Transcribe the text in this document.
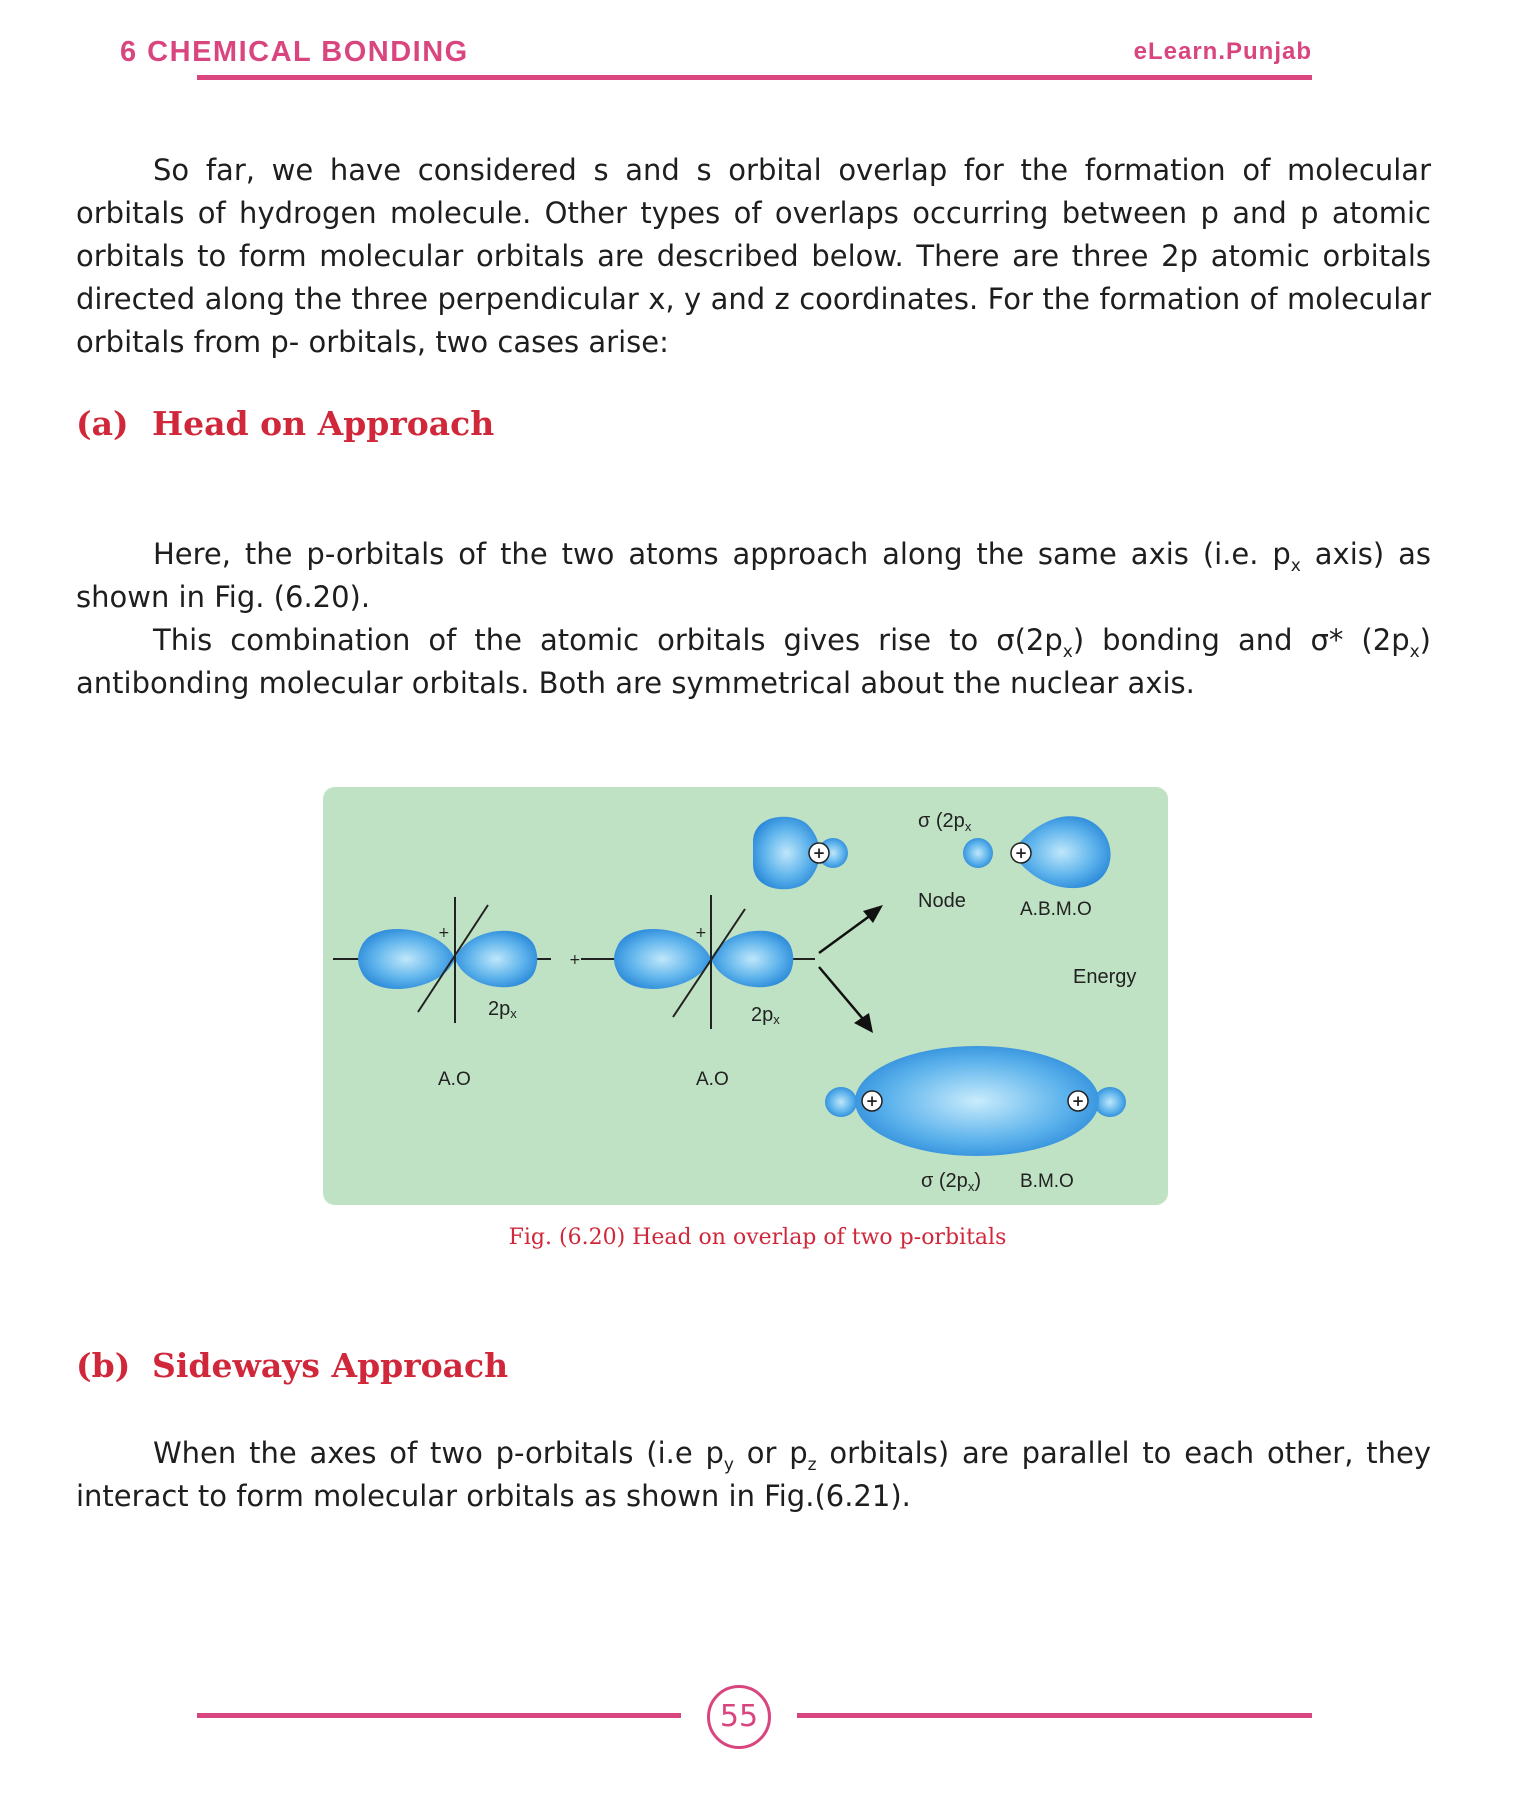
6 CHEMICAL BONDING	eLearn.Punjab

So far, we have considered s and s orbital overlap for the formation of molecular orbitals of hydrogen molecule. Other types of overlaps occurring between p and p atomic orbitals to form molecular orbitals are described below. There are three 2p atomic orbitals directed along the three perpendicular x, y and z coordinates. For the formation of molecular orbitals from p- orbitals, two cases arise:

(a) Head on Approach

Here, the p-orbitals of the two atoms approach along the same axis (i.e. $p_x$ axis) as shown in Fig. (6.20).
This combination of the atomic orbitals gives rise to $\sigma(2p_x)$ bonding and σ* $(2p_x)$ antibonding molecular orbitals. Both are symmetrical about the nuclear axis.

+	+
+
+
+
+	+
σ ($2p_x$
Node	A.B.M.O
Energy
2px	2px
A.O	A.O
σ $(2p_x)$ B.M.O
Fig. (6.20) Head on overlap of two p-orbitals
(b) Sideways Approach

When the axes of two p-orbitals (i.e $p_y$ or $p_z$ orbitals) are parallel to each other, they interact to form molecular orbitals as shown in Fig.(6.21).

55
